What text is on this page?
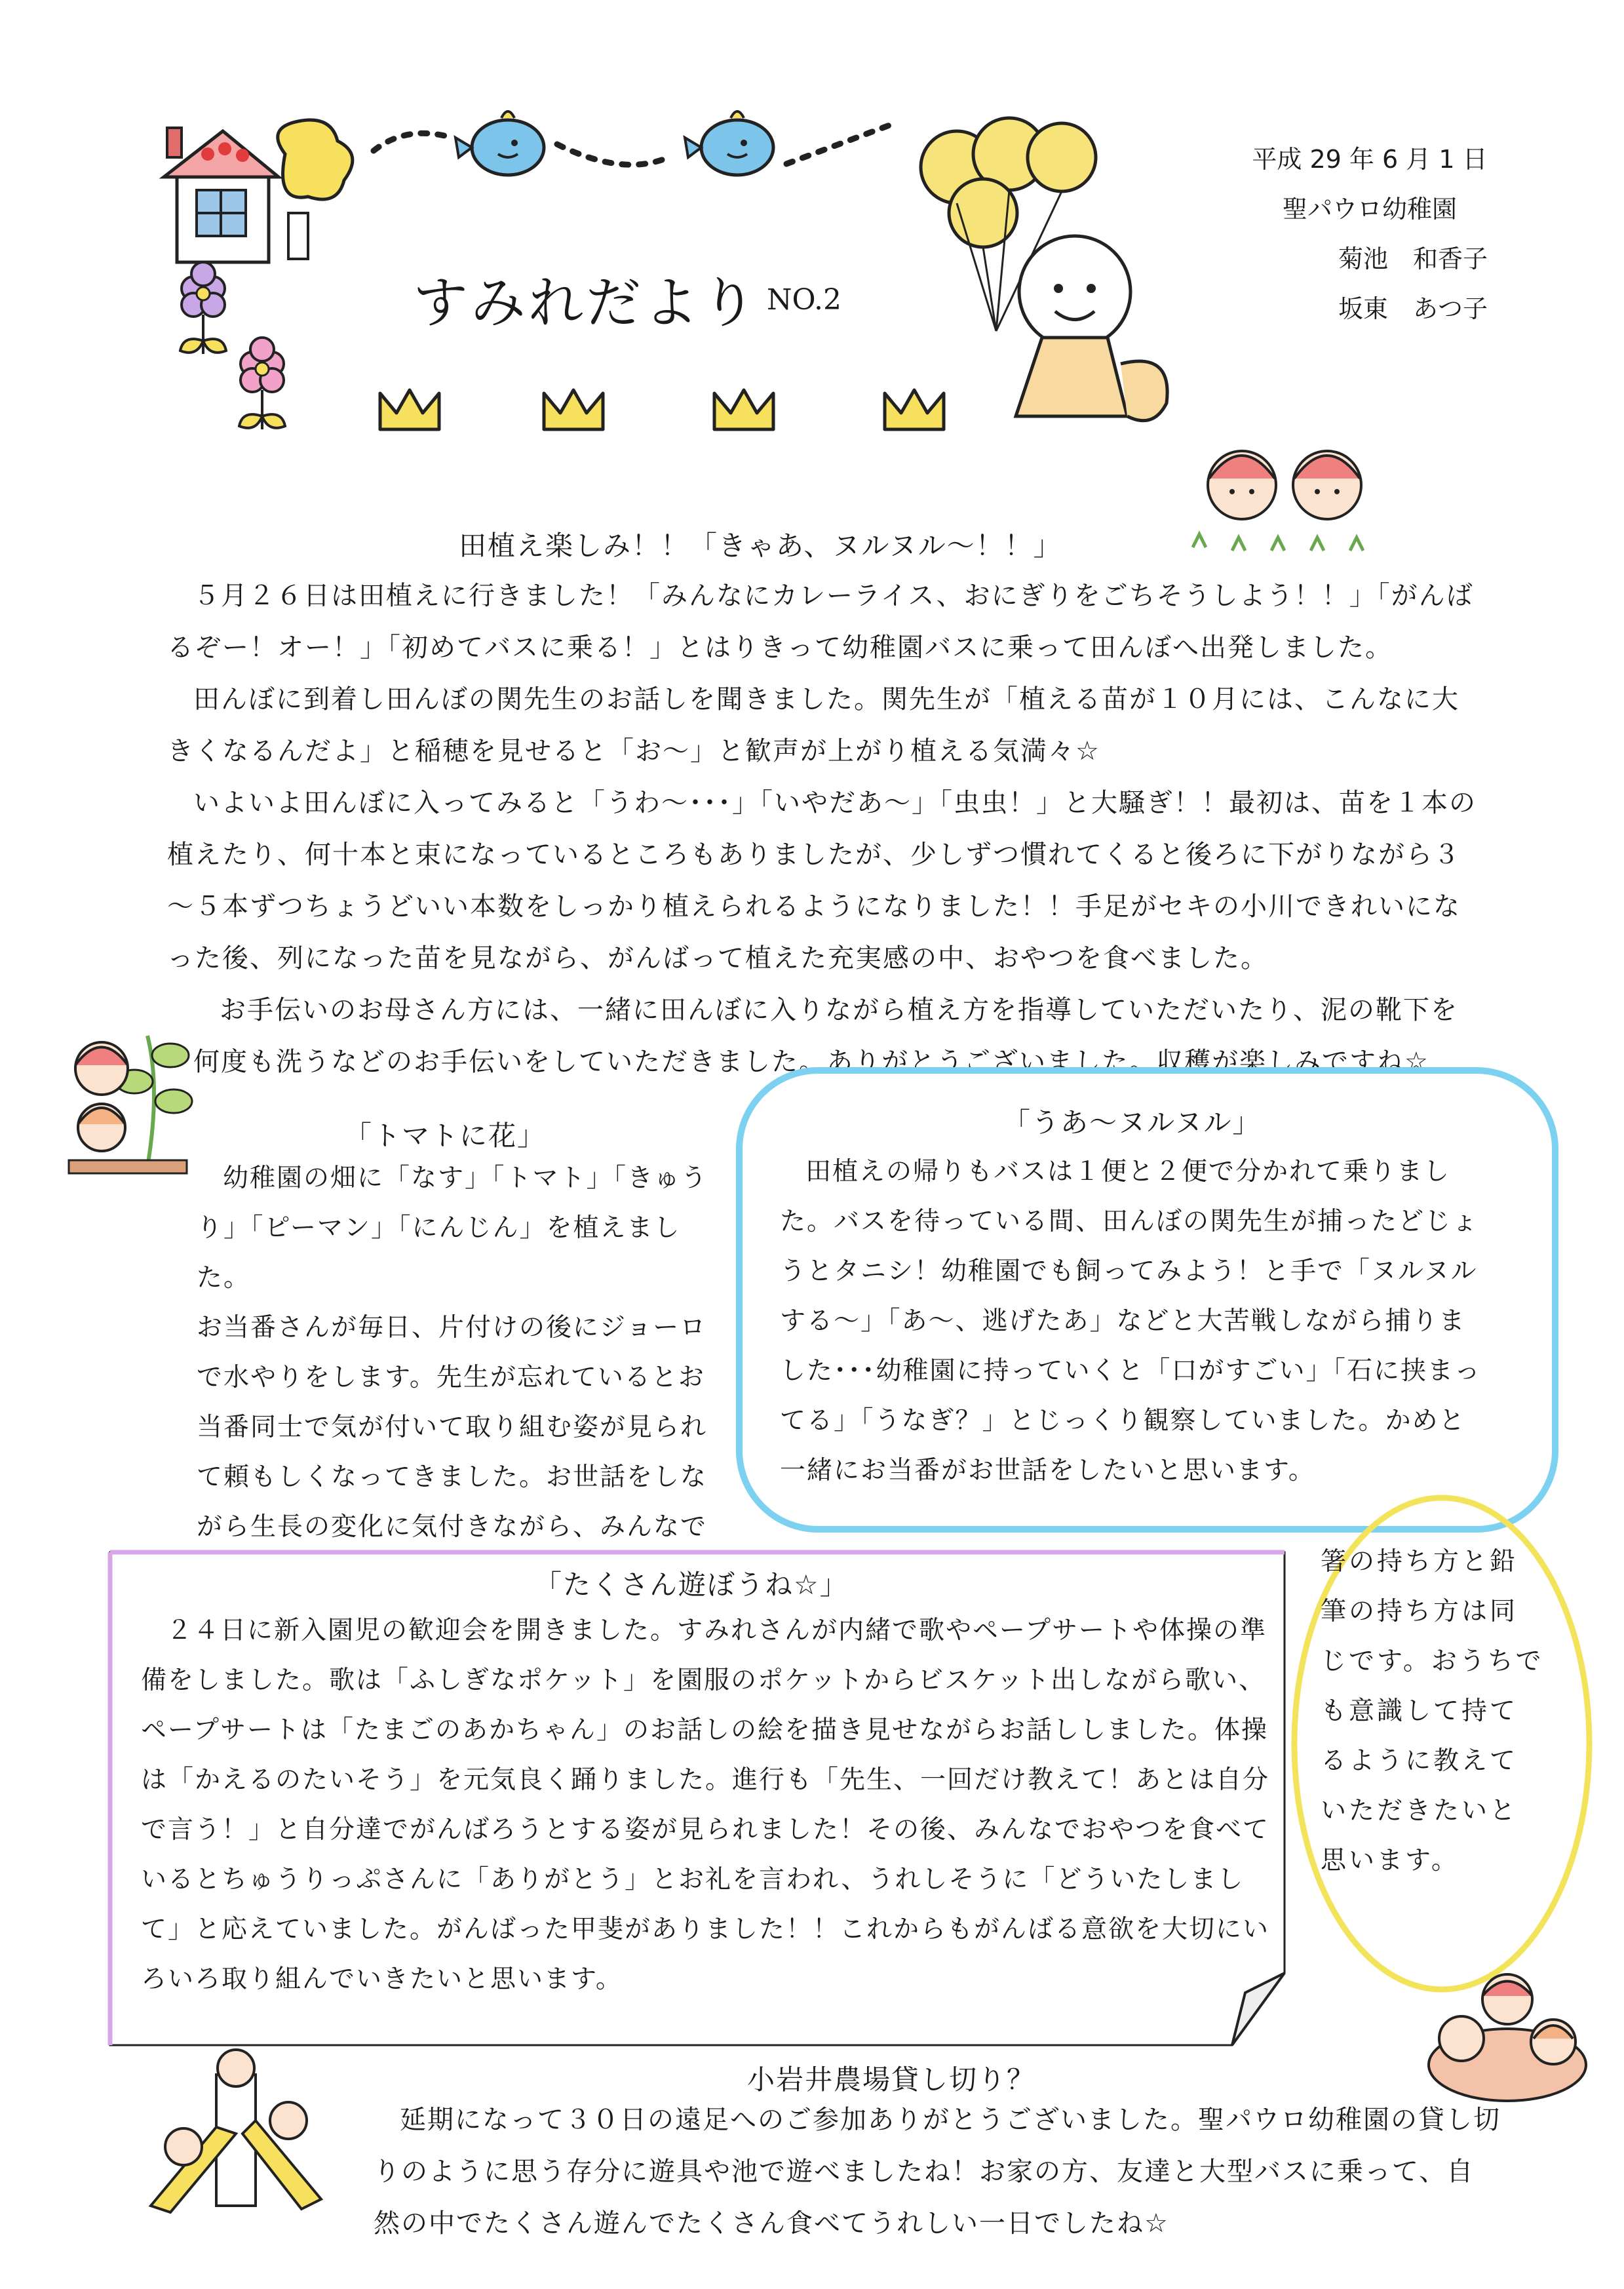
すみれだより NO.2
平成 29 年 6 月 1 日
聖パウロ幼稚園
菊池　和香子
坂東　あつ子
田植え楽しみ！！「きゃあ、ヌルヌル～！！」

５月２６日は田植えに行きました！「みんなにカレーライス、おにぎりをごちそうしよう！！」「がんばるぞー！オー！」「初めてバスに乗る！」とはりきって幼稚園バスに乗って田んぼへ出発しました。

田んぼに到着し田んぼの関先生のお話しを聞きました。関先生が「植える苗が１０月には、こんなに大きくなるんだよ」と稲穂を見せると「お～」と歓声が上がり植える気満々☆

いよいよ田んぼに入ってみると「うわ～･･･」「いやだあ～」「虫虫！」と大騒ぎ！！最初は、苗を１本の植えたり、何十本と束になっているところもありましたが、少しずつ慣れてくると後ろに下がりながら３～５本ずつちょうどいい本数をしっかり植えられるようになりました！！手足がセキの小川できれいになった後、列になった苗を見ながら、がんばって植えた充実感の中、おやつを食べました。

お手伝いのお母さん方には、一緒に田んぼに入りながら植え方を指導していただいたり、泥の靴下を何度も洗うなどのお手伝いをしていただきました。ありがとうございました。収穫が楽しみですね☆

「トマトに花」
幼稚園の畑に「なす」「トマト」「きゅう
り」「ピーマン」「にんじん」を植えました。
お当番さんが毎日、片付けの後にジョーロ
で水やりをします。先生が忘れているとお
当番同士で気が付いて取り組む姿が見られ
て頼もしくなってきました。お世話をしな
がら生長の変化に気付きながら、みんなで
「うあ～ヌルヌル」

田植えの帰りもバスは１便と２便で分かれて乗りました。バスを待っている間、田んぼの関先生が捕ったどじょうとタニシ！幼稚園でも飼ってみよう！と手で「ヌルヌルする～」「あ～、逃げたあ」などと大苦戦しながら捕りました･･･幼稚園に持っていくと「口がすごい」「石に挟まってる」「うなぎ？」とじっくり観察していました。かめと一緒にお当番がお世話をしたいと思います。

箸の持ち方と鉛
筆の持ち方は同
じです。おうちで
も意識して持て
るように教えて
いただきたいと
思います。
「たくさん遊ぼうね☆」

２４日に新入園児の歓迎会を開きました。すみれさんが内緒で歌やペープサートや体操の準備をしました。歌は「ふしぎなポケット」を園服のポケットからビスケット出しながら歌い、ペープサートは「たまごのあかちゃん」のお話しの絵を描き見せながらお話ししました。体操は「かえるのたいそう」を元気良く踊りました。進行も「先生、一回だけ教えて！あとは自分で言う！」と自分達でがんばろうとする姿が見られました！その後、みんなでおやつを食べているとちゅうりっぷさんに「ありがとう」とお礼を言われ、うれしそうに「どういたしまして」と応えていました。がんばった甲斐がありました！！これからもがんばる意欲を大切にいろいろ取り組んでいきたいと思います。

小岩井農場貸し切り？

延期になって３０日の遠足へのご参加ありがとうございました。聖パウロ幼稚園の貸し切りのように思う存分に遊具や池で遊べましたね！お家の方、友達と大型バスに乗って、自然の中でたくさん遊んでたくさん食べてうれしい一日でしたね☆
